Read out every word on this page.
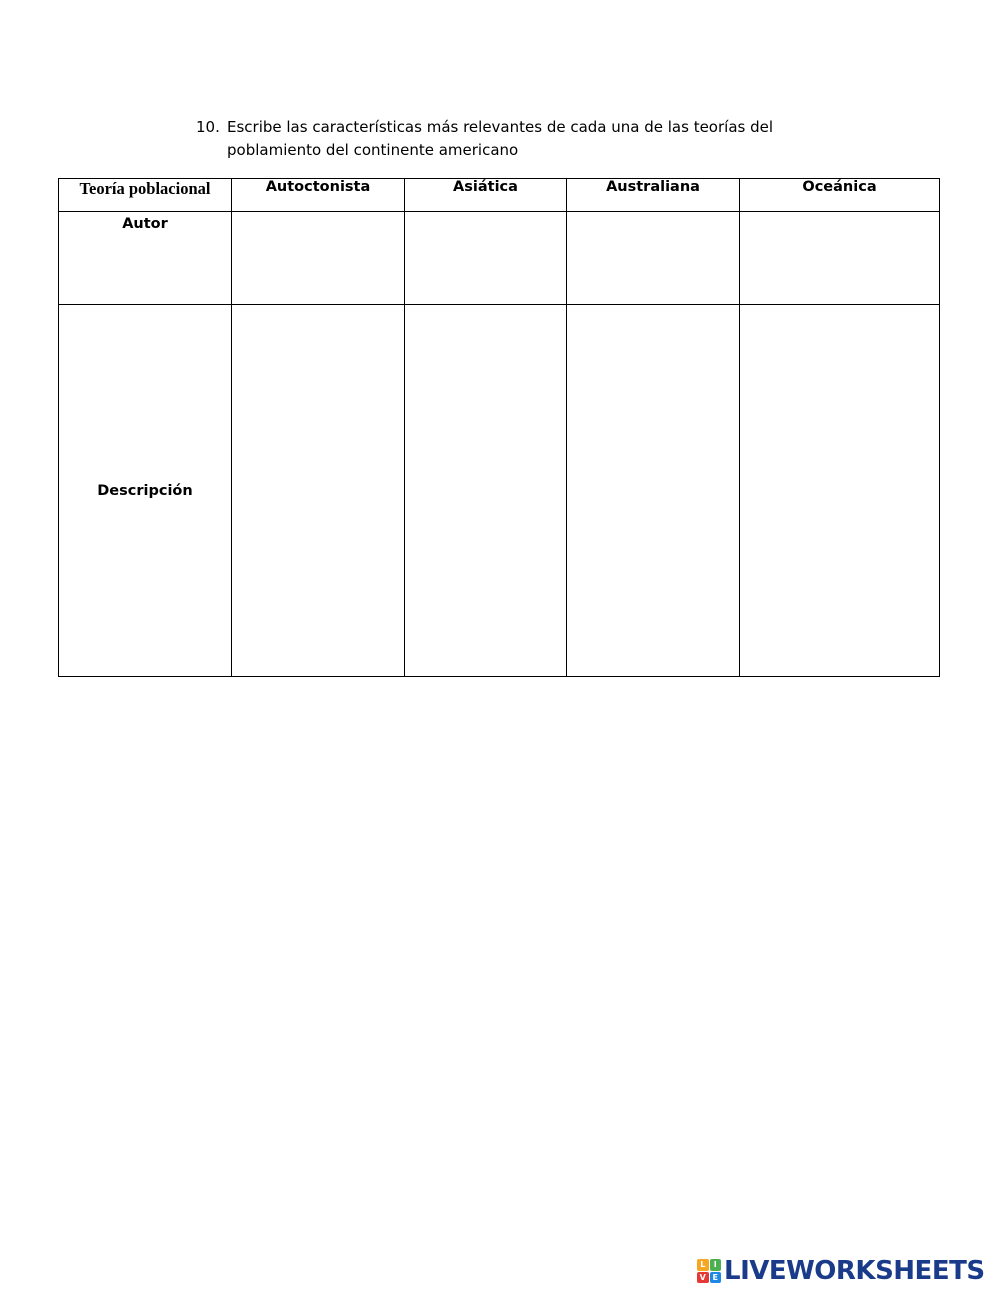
10. Escribe las características más relevantes de cada una de las teorías del poblamiento del continente americano
Teoría poblacional	Autoctonista	Asiática	Australiana	Oceánica
Autor				
Descripción				
L	I
V E LIVEWORKSHEETS
